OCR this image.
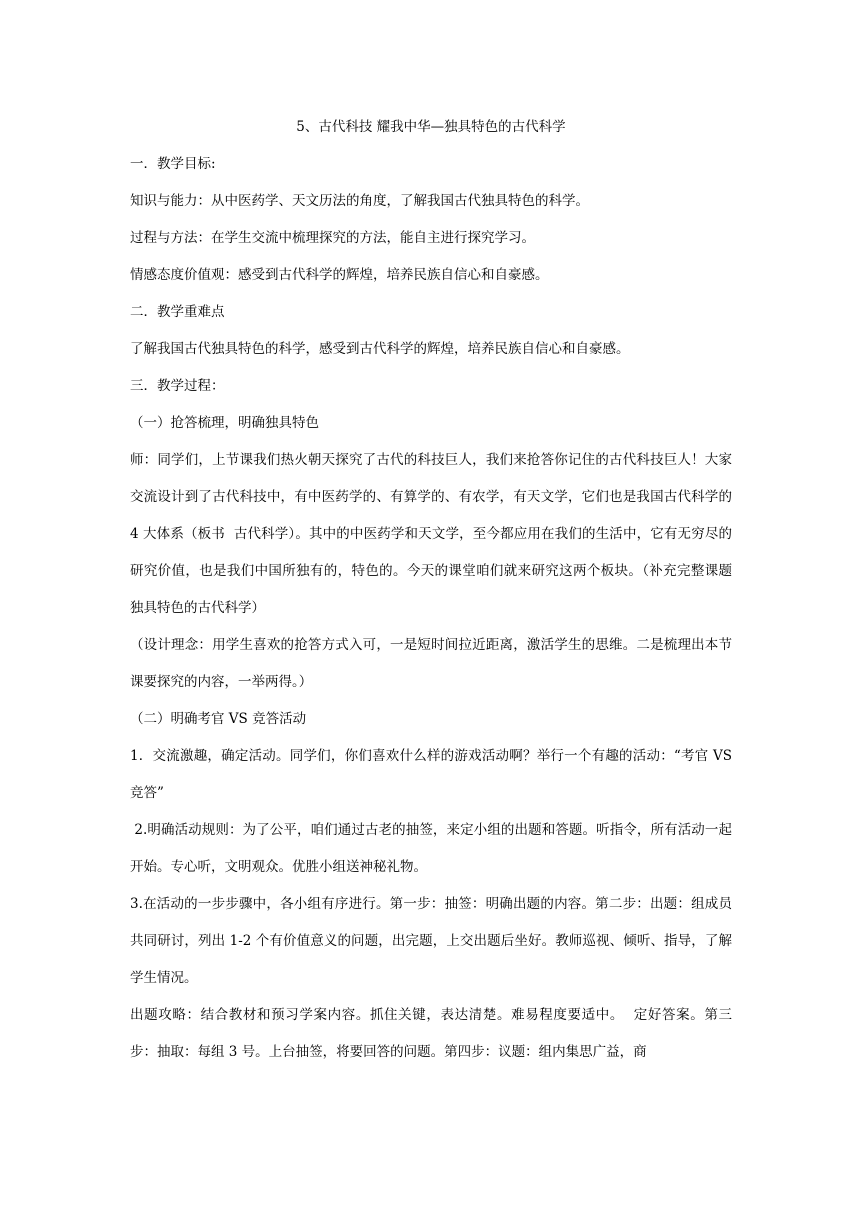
5、古代科技 耀我中华—独具特色的古代科学
一．教学目标:
知识与能力：从中医药学、天文历法的角度，了解我国古代独具特色的科学。
过程与方法：在学生交流中梳理探究的方法，能自主进行探究学习。
情感态度价值观：感受到古代科学的辉煌，培养民族自信心和自豪感。
二．教学重难点
了解我国古代独具特色的科学，感受到古代科学的辉煌，培养民族自信心和自豪感。
三．教学过程：
（一）抢答梳理，明确独具特色
师：同学们，上节课我们热火朝天探究了古代的科技巨人，我们来抢答你记住的古代科技巨人！大家交流设计到了古代科技中，有中医药学的、有算学的、有农学，有天文学，它们也是我国古代科学的 4 大体系（板书  古代科学）。其中的中医药学和天文学，至今都应用在我们的生活中，它有无穷尽的研究价值，也是我们中国所独有的，特色的。今天的课堂咱们就来研究这两个板块。（补充完整课题   独具特色的古代科学）
（设计理念：用学生喜欢的抢答方式入可，一是短时间拉近距离，激活学生的思维。二是梳理出本节课要探究的内容，一举两得。）
（二）明确考官 VS 竞答活动
1．交流激趣，确定活动。同学们，你们喜欢什么样的游戏活动啊？举行一个有趣的活动：“考官 VS 竞答”
2.明确活动规则：为了公平，咱们通过古老的抽签，来定小组的出题和答题。听指令，所有活动一起开始。专心听，文明观众。优胜小组送神秘礼物。
3.在活动的一步步骤中，各小组有序进行。第一步：抽签：明确出题的内容。第二步：出题：组成员共同研讨，列出 1-2 个有价值意义的问题，出完题，上交出题后坐好。教师巡视、倾听、指导，了解学生情况。
出题攻略：结合教材和预习学案内容。抓住关键，表达清楚。难易程度要适中。  定好答案。第三步：抽取：每组 3 号。上台抽签，将要回答的问题。第四步：议题：组内集思广益，商
